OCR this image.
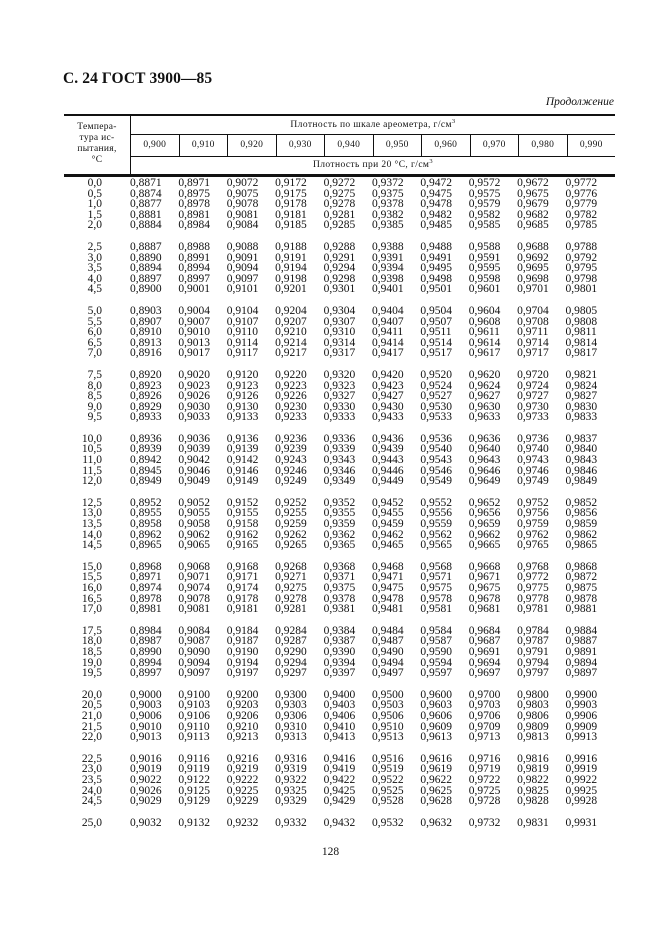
С. 24 ГОСТ 3900—85
Продолжение
Темпера-
тура ис-
пытания,
°С
Плотность по шкале ареометра, $г/см^3$
0,900	0,910	0,920	0,930	0,940	0,950	0,960	0,970	0,980	0,990
Плотность при 20 °С, $г/см^3$
0,0	0,8871	0,8971	0,9072	0,9172	0,9272	0,9372	0,9472	0,9572	0,9672	0,9772
0,5	0,8874	0,8975	0,9075	0,9175	0,9275	0,9375	0,9475	0,9575	0,9675	0,9776
1,0	0,8877	0,8978	0,9078	0,9178	0,9278	0,9378	0,9478	0,9579	0,9679	0,9779
1,5	0,8881	0,8981	0,9081	0,9181	0,9281	0,9382	0,9482	0,9582	0,9682	0,9782
2,0	0,8884	0,8984	0,9084	0,9185	0,9285	0,9385	0,9485	0,9585	0,9685	0,9785
2,5	0,8887	0,8988	0,9088	0,9188	0,9288	0,9388	0,9488	0,9588	0,9688	0,9788
3,0	0,8890	0,8991	0,9091	0,9191	0,9291	0,9391	0,9491	0,9591	0,9692	0,9792
3,5	0,8894	0,8994	0,9094	0,9194	0,9294	0,9394	0,9495	0,9595	0,9695	0,9795
4,0	0,8897	0,8997	0,9097	0,9198	0,9298	0,9398	0,9498	0,9598	0,9698	0,9798
4,5	0,8900	0,9001	0,9101	0,9201	0,9301	0,9401	0,9501	0,9601	0,9701	0,9801
5,0	0,8903	0,9004	0,9104	0,9204	0,9304	0,9404	0,9504	0,9604	0,9704	0,9805
5,5	0,8907	0,9007	0,9107	0,9207	0,9307	0,9407	0,9507	0,9608	0,9708	0,9808
6,0	0,8910	0,9010	0,9110	0,9210	0,9310	0,9411	0,9511	0,9611	0,9711	0,9811
6,5	0,8913	0,9013	0,9114	0,9214	0,9314	0,9414	0,9514	0,9614	0,9714	0,9814
7,0	0,8916	0,9017	0,9117	0,9217	0,9317	0,9417	0,9517	0,9617	0,9717	0,9817
7,5	0,8920	0,9020	0,9120	0,9220	0,9320	0,9420	0,9520	0,9620	0,9720	0,9821
8,0	0,8923	0,9023	0,9123	0,9223	0,9323	0,9423	0,9524	0,9624	0,9724	0,9824
8,5	0,8926	0,9026	0,9126	0,9226	0,9327	0,9427	0,9527	0,9627	0,9727	0,9827
9,0	0,8929	0,9030	0,9130	0,9230	0,9330	0,9430	0,9530	0,9630	0,9730	0,9830
9,5	0,8933	0,9033	0,9133	0,9233	0,9333	0,9433	0,9533	0,9633	0,9733	0,9833
10,0	0,8936	0,9036	0,9136	0,9236	0,9336	0,9436	0,9536	0,9636	0,9736	0,9837
10,5	0,8939	0,9039	0,9139	0,9239	0,9339	0,9439	0,9540	0,9640	0,9740	0,9840
11,0	0,8942	0,9042	0,9142	0,9243	0,9343	0,9443	0,9543	0,9643	0,9743	0,9843
11,5	0,8945	0,9046	0,9146	0,9246	0,9346	0,9446	0,9546	0,9646	0,9746	0,9846
12,0	0,8949	0,9049	0,9149	0,9249	0,9349	0,9449	0,9549	0,9649	0,9749	0,9849
12,5	0,8952	0,9052	0,9152	0,9252	0,9352	0,9452	0,9552	0,9652	0,9752	0,9852
13,0	0,8955	0,9055	0,9155	0,9255	0,9355	0,9455	0,9556	0,9656	0,9756	0,9856
13,5	0,8958	0,9058	0,9158	0,9259	0,9359	0,9459	0,9559	0,9659	0,9759	0,9859
14,0	0,8962	0,9062	0,9162	0,9262	0,9362	0,9462	0,9562	0,9662	0,9762	0,9862
14,5	0,8965	0,9065	0,9165	0,9265	0,9365	0,9465	0,9565	0,9665	0,9765	0,9865
15,0	0,8968	0,9068	0,9168	0,9268	0,9368	0,9468	0,9568	0,9668	0,9768	0,9868
15,5	0,8971	0,9071	0,9171	0,9271	0,9371	0,9471	0,9571	0,9671	0,9772	0,9872
16,0	0,8974	0,9074	0,9174	0,9275	0,9375	0,9475	0,9575	0,9675	0,9775	0,9875
16,5	0,8978	0,9078	0,9178	0,9278	0,9378	0,9478	0,9578	0,9678	0,9778	0,9878
17,0	0,8981	0,9081	0,9181	0,9281	0,9381	0,9481	0,9581	0,9681	0,9781	0,9881
17,5	0,8984	0,9084	0,9184	0,9284	0,9384	0,9484	0,9584	0,9684	0,9784	0,9884
18,0	0,8987	0,9087	0,9187	0,9287	0,9387	0,9487	0,9587	0,9687	0,9787	0,9887
18,5	0,8990	0,9090	0,9190	0,9290	0,9390	0,9490	0,9590	0,9691	0,9791	0,9891
19,0	0,8994	0,9094	0,9194	0,9294	0,9394	0,9494	0,9594	0,9694	0,9794	0,9894
19,5	0,8997	0,9097	0,9197	0,9297	0,9397	0,9497	0,9597	0,9697	0,9797	0,9897
20,0	0,9000	0,9100	0,9200	0,9300	0,9400	0,9500	0,9600	0,9700	0,9800	0,9900
20,5	0,9003	0,9103	0,9203	0,9303	0,9403	0,9503	0,9603	0,9703	0,9803	0,9903
21,0	0,9006	0,9106	0,9206	0,9306	0,9406	0,9506	0,9606	0,9706	0,9806	0,9906
21,5	0,9010	0,9110	0,9210	0,9310	0,9410	0,9510	0,9609	0,9709	0,9809	0,9909
22,0	0,9013	0,9113	0,9213	0,9313	0,9413	0,9513	0,9613	0,9713	0,9813	0,9913
22,5	0,9016	0,9116	0,9216	0,9316	0,9416	0,9516	0,9616	0,9716	0,9816	0,9916
23,0	0,9019	0,9119	0,9219	0,9319	0,9419	0,9519	0,9619	0,9719	0,9819	0,9919
23,5	0,9022	0,9122	0,9222	0,9322	0,9422	0,9522	0,9622	0,9722	0,9822	0,9922
24,0	0,9026	0,9125	0,9225	0,9325	0,9425	0,9525	0,9625	0,9725	0,9825	0,9925
24,5	0,9029	0,9129	0,9229	0,9329	0,9429	0,9528	0,9628	0,9728	0,9828	0,9928
25,0	0,9032	0,9132	0,9232	0,9332	0,9432	0,9532	0,9632	0,9732	0,9831	0,9931
128
